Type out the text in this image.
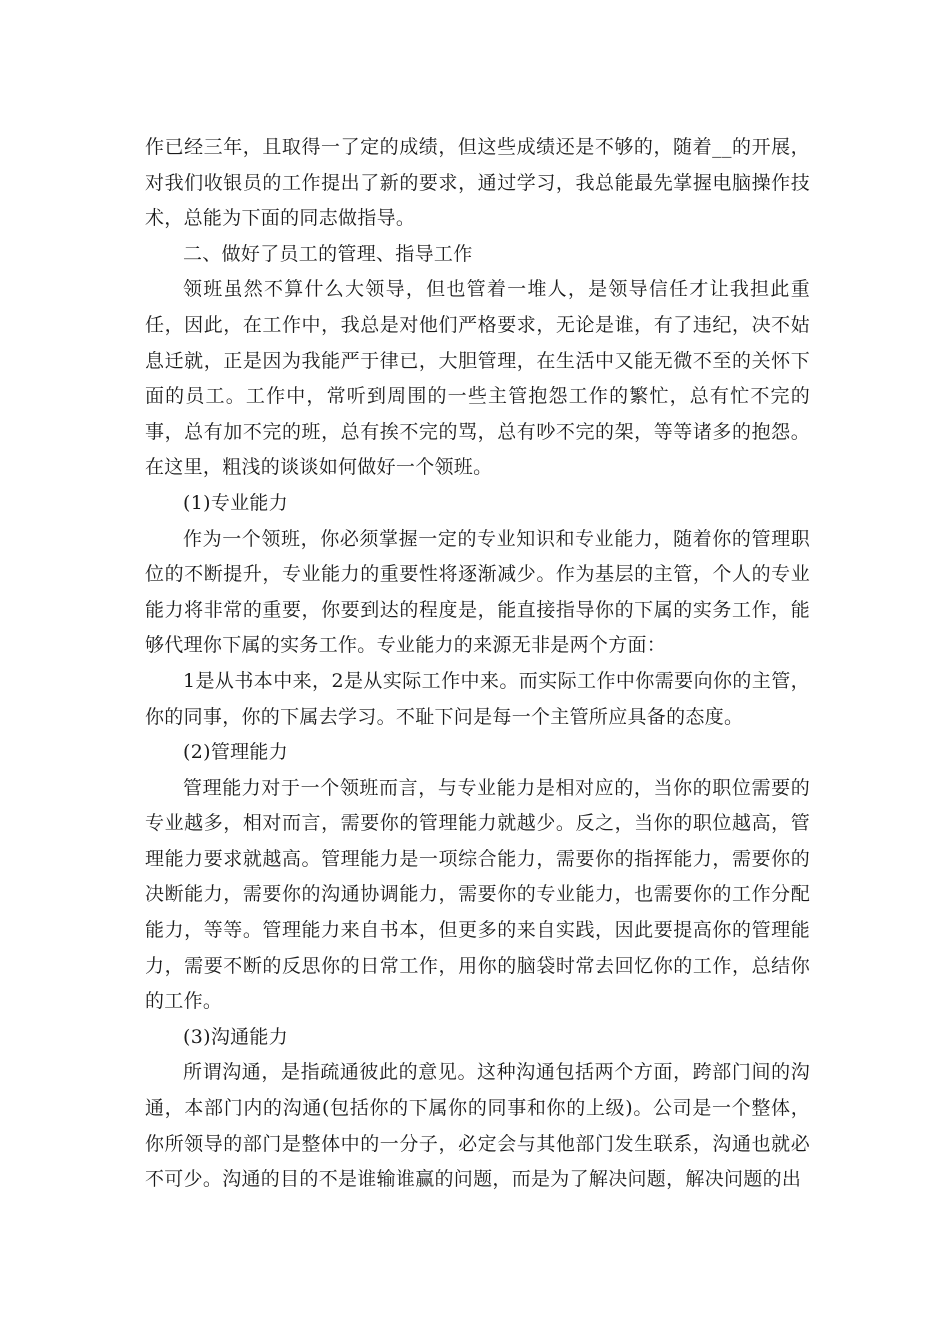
作已经三年，且取得一了定的成绩，但这些成绩还是不够的，随着__的开展，对我们收银员的工作提出了新的要求，通过学习，我总能最先掌握电脑操作技术，总能为下面的同志做指导。

二、做好了员工的管理、指导工作

领班虽然不算什么大领导，但也管着一堆人，是领导信任才让我担此重任，因此，在工作中，我总是对他们严格要求，无论是谁，有了违纪，决不姑息迁就，正是因为我能严于律已，大胆管理，在生活中又能无微不至的关怀下面的员工。工作中，常听到周围的一些主管抱怨工作的繁忙，总有忙不完的事，总有加不完的班，总有挨不完的骂，总有吵不完的架，等等诸多的抱怨。在这里，粗浅的谈谈如何做好一个领班。

(1)专业能力

作为一个领班，你必须掌握一定的专业知识和专业能力，随着你的管理职位的不断提升，专业能力的重要性将逐渐减少。作为基层的主管，个人的专业能力将非常的重要，你要到达的程度是，能直接指导你的下属的实务工作，能够代理你下属的实务工作。专业能力的来源无非是两个方面：

1是从书本中来，2是从实际工作中来。而实际工作中你需要向你的主管，你的同事，你的下属去学习。不耻下问是每一个主管所应具备的态度。

(2)管理能力

管理能力对于一个领班而言，与专业能力是相对应的，当你的职位需要的专业越多，相对而言，需要你的管理能力就越少。反之，当你的职位越高，管理能力要求就越高。管理能力是一项综合能力，需要你的指挥能力，需要你的决断能力，需要你的沟通协调能力，需要你的专业能力，也需要你的工作分配能力，等等。管理能力来自书本，但更多的来自实践，因此要提高你的管理能力，需要不断的反思你的日常工作，用你的脑袋时常去回忆你的工作，总结你的工作。

(3)沟通能力

所谓沟通，是指疏通彼此的意见。这种沟通包括两个方面，跨部门间的沟通，本部门内的沟通(包括你的下属你的同事和你的上级)。公司是一个整体，你所领导的部门是整体中的一分子，必定会与其他部门发生联系，沟通也就必不可少。沟通的目的不是谁输谁赢的问题，而是为了解决问题，解决问题的出
